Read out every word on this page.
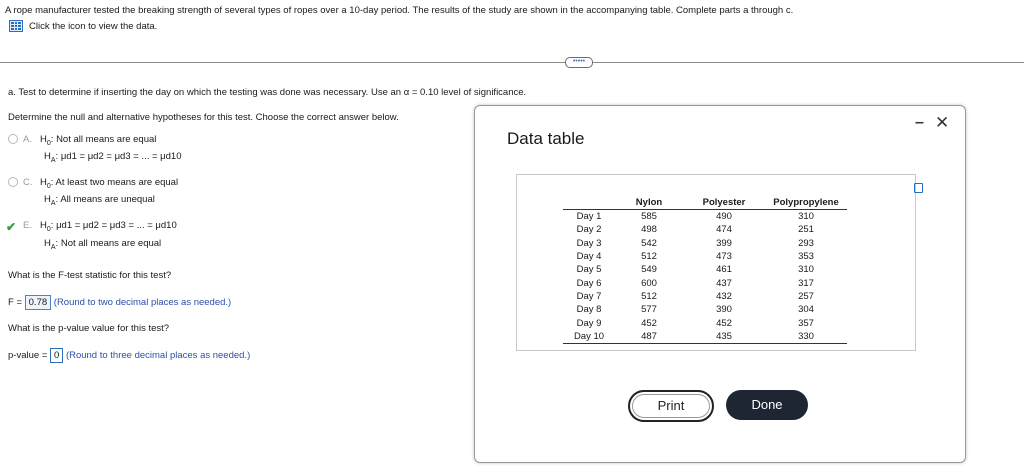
A rope manufacturer tested the breaking strength of several types of ropes over a 10-day period. The results of the study are shown in the accompanying table. Complete parts a through c.
Click the icon to view the data.
•••••
a. Test to determine if inserting the day on which the testing was done was necessary. Use an α = 0.10 level of significance.
Determine the null and alternative hypotheses for this test. Choose the correct answer below.
A. $H_0$: Not all means are equal
$H_A$: μd1 = μd2 = μd3 = ... = μd10
C. $H_0$: At least two means are equal
$H_A$: All means are unequal
✔ E. $H_0$: μd1 = μd2 = μd3 = ... = μd10
$H_A$: Not all means are equal
What is the F-test statistic for this test?
F = 0.78 (Round to two decimal places as needed.)
What is the p-value value for this test?
p-value = 0 (Round to three decimal places as needed.)
Data table
– ✕
	Nylon	Polyester	Polypropylene
Day 1	585	490	310
Day 2	498	474	251
Day 3	542	399	293
Day 4	512	473	353
Day 5	549	461	310
Day 6	600	437	317
Day 7	512	432	257
Day 8	577	390	304
Day 9	452	452	357
Day 10	487	435	330
Print	Done
